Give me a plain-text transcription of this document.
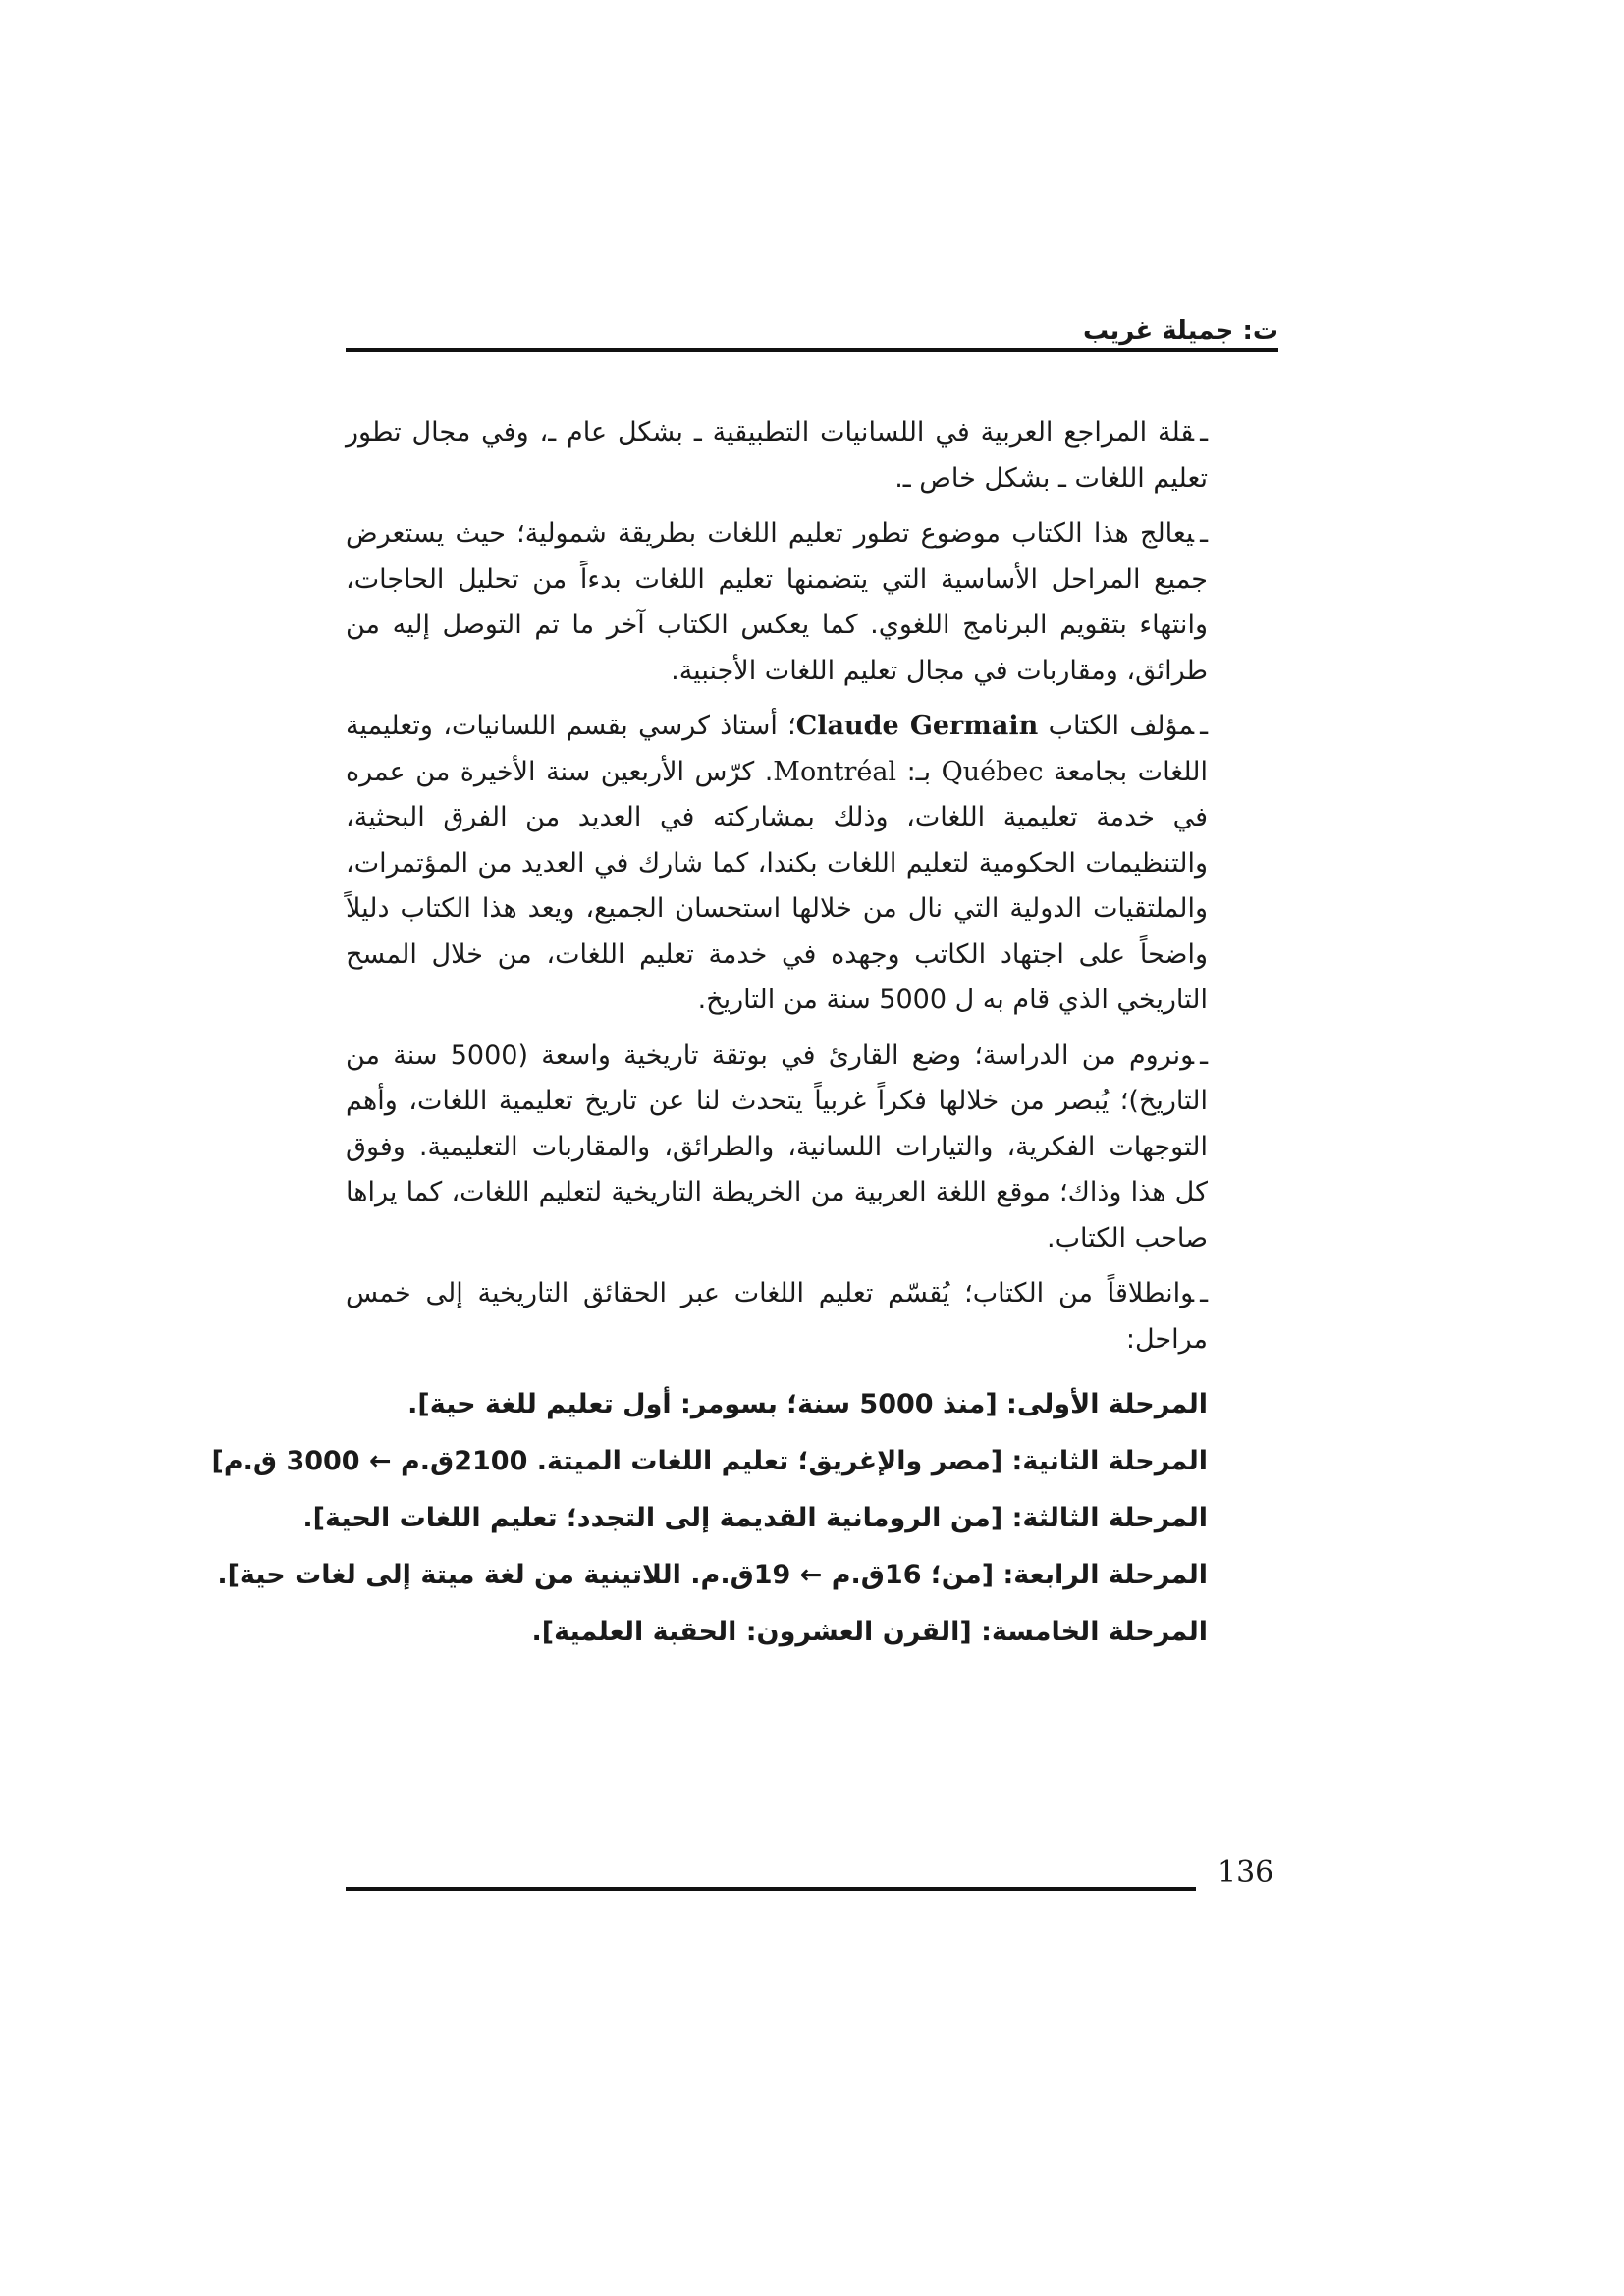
ت: جميلة غريب

ـقلة المراجع العربية في اللسانيات التطبيقية ـ بشكل عام ـ، وفي مجال تطور تعليم اللغات ـ بشكل خاص ـ.

ـيعالج هذا الكتاب موضوع تطور تعليم اللغات بطريقة شمولية؛ حيث يستعرض جميع المراحل الأساسية التي يتضمنها تعليم اللغات بدءاً من تحليل الحاجات، وانتهاء بتقويم البرنامج اللغوي. كما يعكس الكتاب آخر ما تم التوصل إليه من طرائق، ومقاربات في مجال تعليم اللغات الأجنبية.

ـمؤلف الكتاب Claude Germain؛ أستاذ كرسي بقسم اللسانيات، وتعليمية اللغات بجامعة Québec بـ: Montréal. كرّس الأربعين سنة الأخيرة من عمره في خدمة تعليمية اللغات، وذلك بمشاركته في العديد من الفرق البحثية، والتنظيمات الحكومية لتعليم اللغات بكندا، كما شارك في العديد من المؤتمرات، والملتقيات الدولية التي نال من خلالها استحسان الجميع، ويعد هذا الكتاب دليلاً واضحاً على اجتهاد الكاتب وجهده في خدمة تعليم اللغات، من خلال المسح التاريخي الذي قام به ل 5000 سنة من التاريخ.

ـونروم من الدراسة؛ وضع القارئ في بوتقة تاريخية واسعة (5000 سنة من التاريخ)؛ يُبصر من خلالها فكراً غربياً يتحدث لنا عن تاريخ تعليمية اللغات، وأهم التوجهات الفكرية، والتيارات اللسانية، والطرائق، والمقاربات التعليمية. وفوق كل هذا وذاك؛ موقع اللغة العربية من الخريطة التاريخية لتعليم اللغات، كما يراها صاحب الكتاب.

ـوانطلاقاً من الكتاب؛ يُقسّم تعليم اللغات عبر الحقائق التاريخية إلى خمس مراحل:

المرحلة الأولى: [منذ 5000 سنة؛ بسومر: أول تعليم للغة حية].

المرحلة الثانية: [مصر والإغريق؛ تعليم اللغات الميتة. 2100ق.م ← 3000 ق.م]

المرحلة الثالثة: [من الرومانية القديمة إلى التجدد؛ تعليم اللغات الحية].

المرحلة الرابعة: [من؛ 16ق.م ← 19ق.م. اللاتينية من لغة ميتة إلى لغات حية].

المرحلة الخامسة: [القرن العشرون: الحقبة العلمية].

136
